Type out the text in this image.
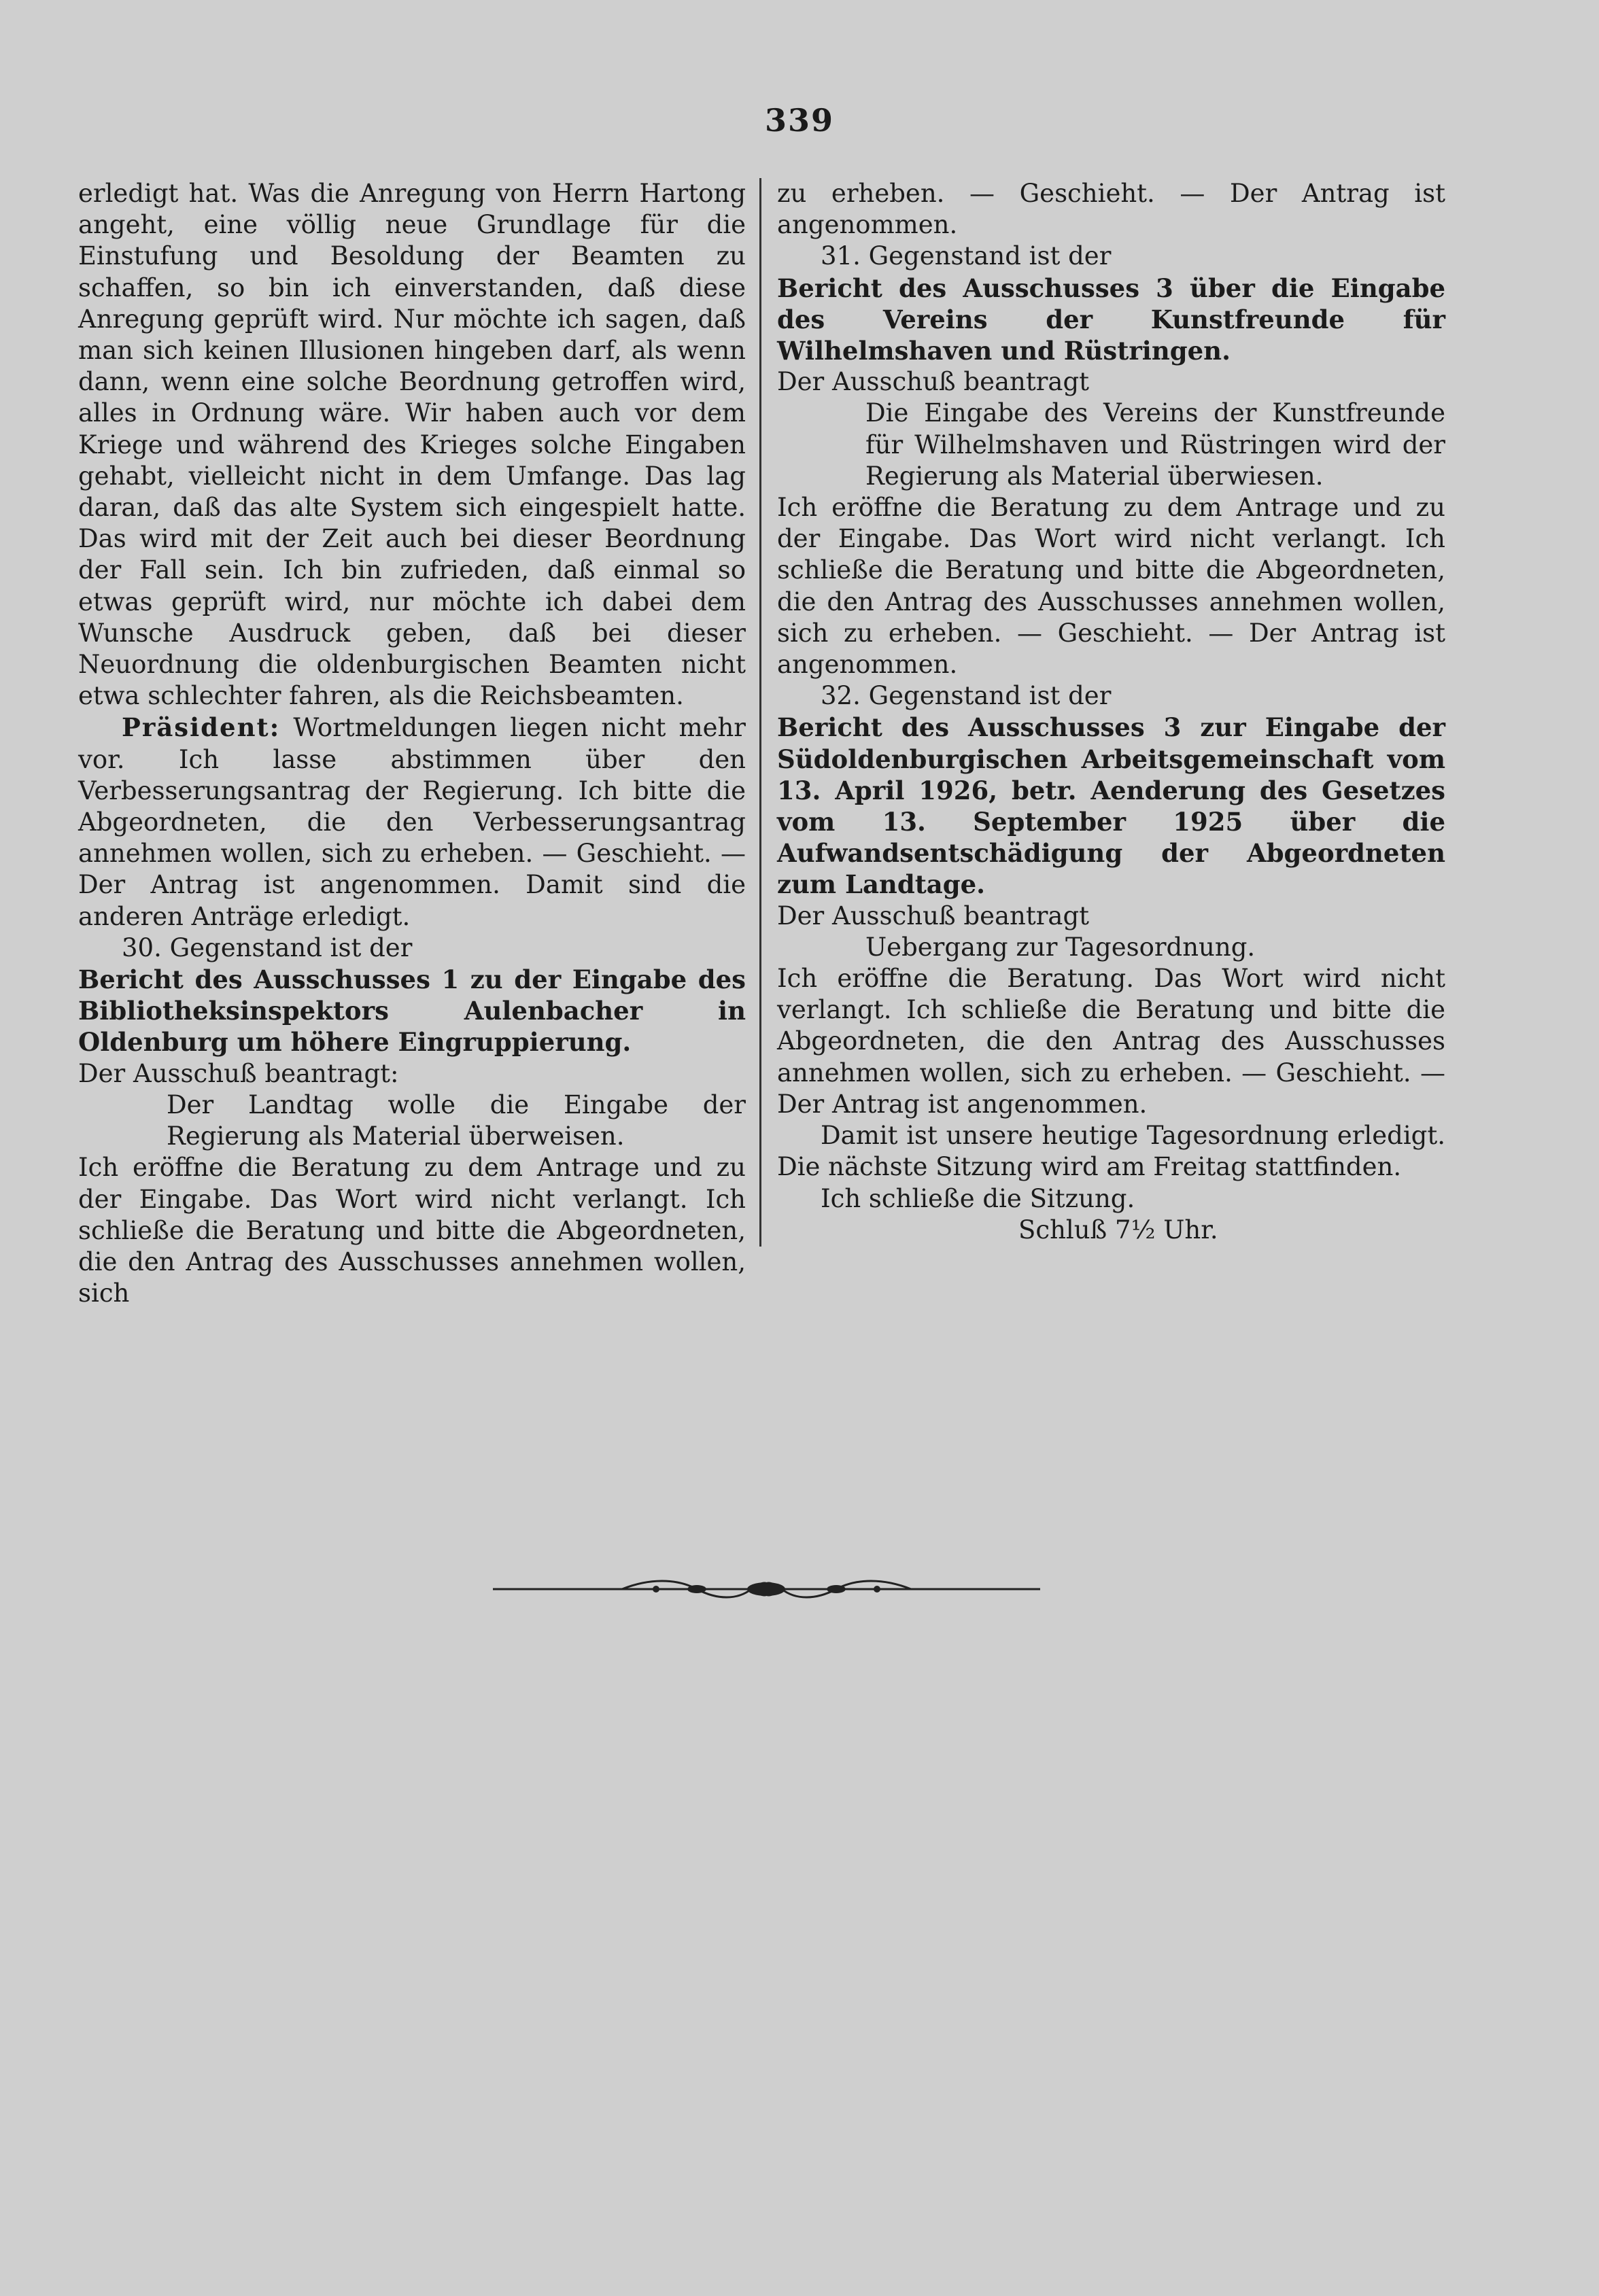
339

erledigt hat. Was die Anregung von Herrn Hartong angeht, eine völlig neue Grundlage für die Einstufung und Besoldung der Beamten zu schaffen, so bin ich einverstanden, daß diese Anregung geprüft wird. Nur möchte ich sagen, daß man sich keinen Illusionen hingeben darf, als wenn dann, wenn eine solche Beordnung getroffen wird, alles in Ordnung wäre. Wir haben auch vor dem Kriege und während des Krieges solche Eingaben gehabt, vielleicht nicht in dem Umfange. Das lag daran, daß das alte System sich eingespielt hatte. Das wird mit der Zeit auch bei dieser Beordnung der Fall sein. Ich bin zufrieden, daß einmal so etwas geprüft wird, nur möchte ich dabei dem Wunsche Ausdruck geben, daß bei dieser Neuordnung die oldenburgischen Beamten nicht etwa schlechter fahren, als die Reichsbeamten.

Präsident: Wortmeldungen liegen nicht mehr vor. Ich lasse abstimmen über den Verbesserungsantrag der Regierung. Ich bitte die Abgeordneten, die den Verbesserungsantrag annehmen wollen, sich zu erheben. — Geschieht. — Der Antrag ist angenommen. Damit sind die anderen Anträge erledigt.

30. Gegenstand ist der

Bericht des Ausschusses 1 zu der Eingabe des Bibliotheksinspektors Aulenbacher in Oldenburg um höhere Eingruppierung.

Der Ausschuß beantragt:

Der Landtag wolle die Eingabe der Regierung als Material überweisen.

Ich eröffne die Beratung zu dem Antrage und zu der Eingabe. Das Wort wird nicht verlangt. Ich schließe die Beratung und bitte die Abgeordneten, die den Antrag des Ausschusses annehmen wollen, sich

zu erheben. — Geschieht. — Der Antrag ist angenommen.

31. Gegenstand ist der

Bericht des Ausschusses 3 über die Eingabe des Vereins der Kunstfreunde für Wilhelmshaven und Rüstringen.

Der Ausschuß beantragt

Die Eingabe des Vereins der Kunstfreunde für Wilhelmshaven und Rüstringen wird der Regierung als Material überwiesen.

Ich eröffne die Beratung zu dem Antrage und zu der Eingabe. Das Wort wird nicht verlangt. Ich schließe die Beratung und bitte die Abgeordneten, die den Antrag des Ausschusses annehmen wollen, sich zu erheben. — Geschieht. — Der Antrag ist angenommen.

32. Gegenstand ist der

Bericht des Ausschusses 3 zur Eingabe der Südoldenburgischen Arbeitsgemeinschaft vom 13. April 1926, betr. Aenderung des Gesetzes vom 13. September 1925 über die Aufwandsentschädigung der Abgeordneten zum Landtage.

Der Ausschuß beantragt

Uebergang zur Tagesordnung.

Ich eröffne die Beratung. Das Wort wird nicht verlangt. Ich schließe die Beratung und bitte die Abgeordneten, die den Antrag des Ausschusses annehmen wollen, sich zu erheben. — Geschieht. — Der Antrag ist angenommen.

Damit ist unsere heutige Tagesordnung erledigt. Die nächste Sitzung wird am Freitag stattfinden.

Ich schließe die Sitzung.

Schluß 7½ Uhr.
